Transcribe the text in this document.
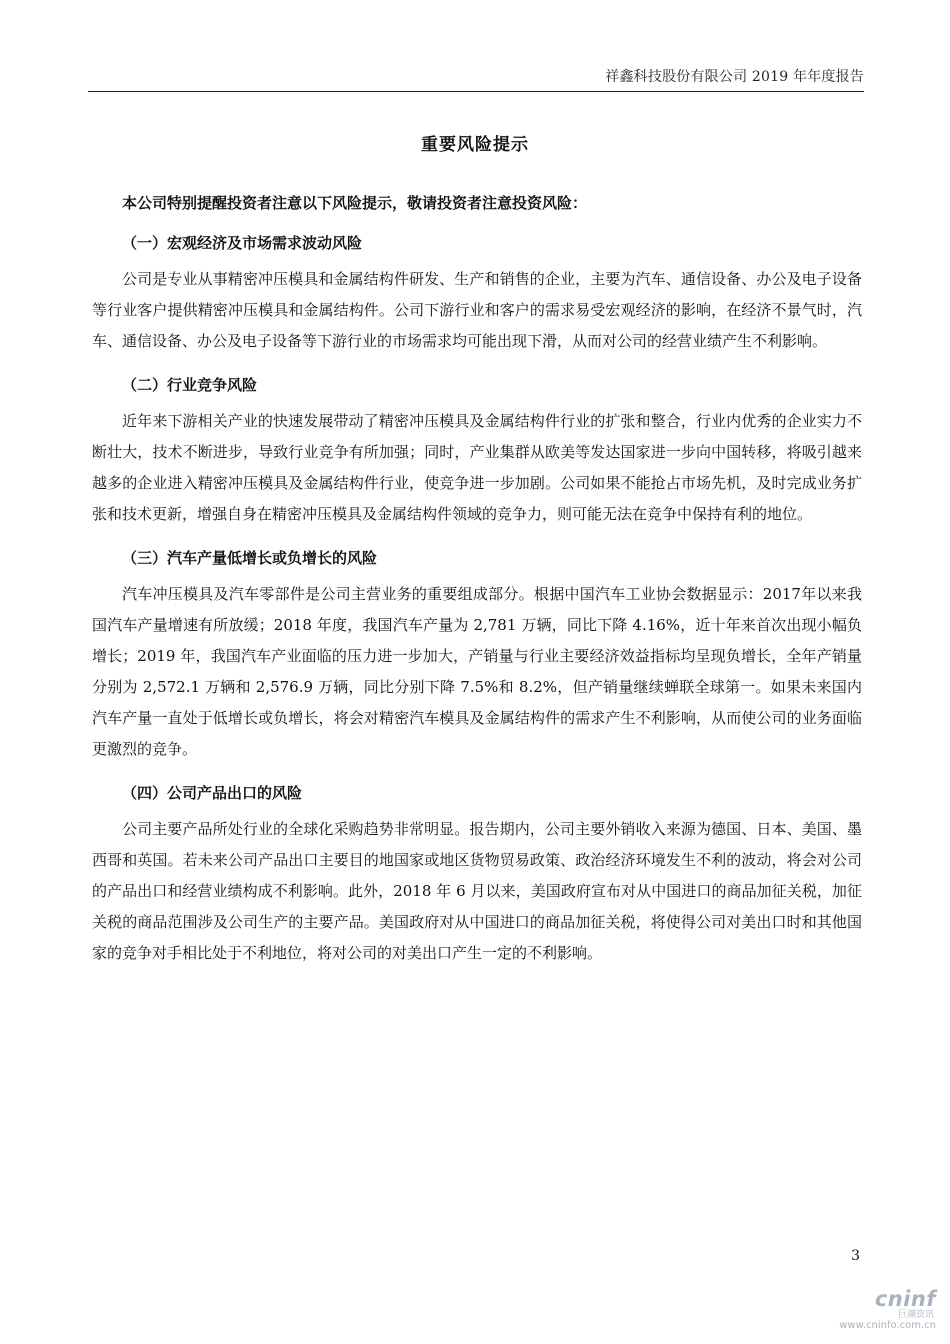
祥鑫科技股份有限公司 2019 年年度报告
重要风险提示

本公司特别提醒投资者注意以下风险提示，敬请投资者注意投资风险：

（一）宏观经济及市场需求波动风险

公司是专业从事精密冲压模具和金属结构件研发、生产和销售的企业，主要为汽车、通信设备、办公及电子设备等行业客户提供精密冲压模具和金属结构件。公司下游行业和客户的需求易受宏观经济的影响，在经济不景气时，汽车、通信设备、办公及电子设备等下游行业的市场需求均可能出现下滑，从而对公司的经营业绩产生不利影响。

（二）行业竞争风险

近年来下游相关产业的快速发展带动了精密冲压模具及金属结构件行业的扩张和整合，行业内优秀的企业实力不断壮大，技术不断进步，导致行业竞争有所加强；同时，产业集群从欧美等发达国家进一步向中国转移，将吸引越来越多的企业进入精密冲压模具及金属结构件行业，使竞争进一步加剧。公司如果不能抢占市场先机，及时完成业务扩张和技术更新，增强自身在精密冲压模具及金属结构件领域的竞争力，则可能无法在竞争中保持有利的地位。

（三）汽车产量低增长或负增长的风险

汽车冲压模具及汽车零部件是公司主营业务的重要组成部分。根据中国汽车工业协会数据显示：2017年以来我国汽车产量增速有所放缓；2018 年度，我国汽车产量为 2,781 万辆，同比下降 4.16%，近十年来首次出现小幅负增长；2019 年，我国汽车产业面临的压力进一步加大，产销量与行业主要经济效益指标均呈现负增长，全年产销量分别为 2,572.1 万辆和 2,576.9 万辆，同比分别下降 7.5%和 8.2%，但产销量继续蝉联全球第一。如果未来国内汽车产量一直处于低增长或负增长，将会对精密汽车模具及金属结构件的需求产生不利影响，从而使公司的业务面临更激烈的竞争。

（四）公司产品出口的风险

公司主要产品所处行业的全球化采购趋势非常明显。报告期内，公司主要外销收入来源为德国、日本、美国、墨西哥和英国。若未来公司产品出口主要目的地国家或地区货物贸易政策、政治经济环境发生不利的波动，将会对公司的产品出口和经营业绩构成不利影响。此外，2018 年 6 月以来，美国政府宣布对从中国进口的商品加征关税，加征关税的商品范围涉及公司生产的主要产品。美国政府对从中国进口的商品加征关税，将使得公司对美出口时和其他国家的竞争对手相比处于不利地位，将对公司的对美出口产生一定的不利影响。

3
cninf
巨潮资讯
www.cninfo.com.cn
